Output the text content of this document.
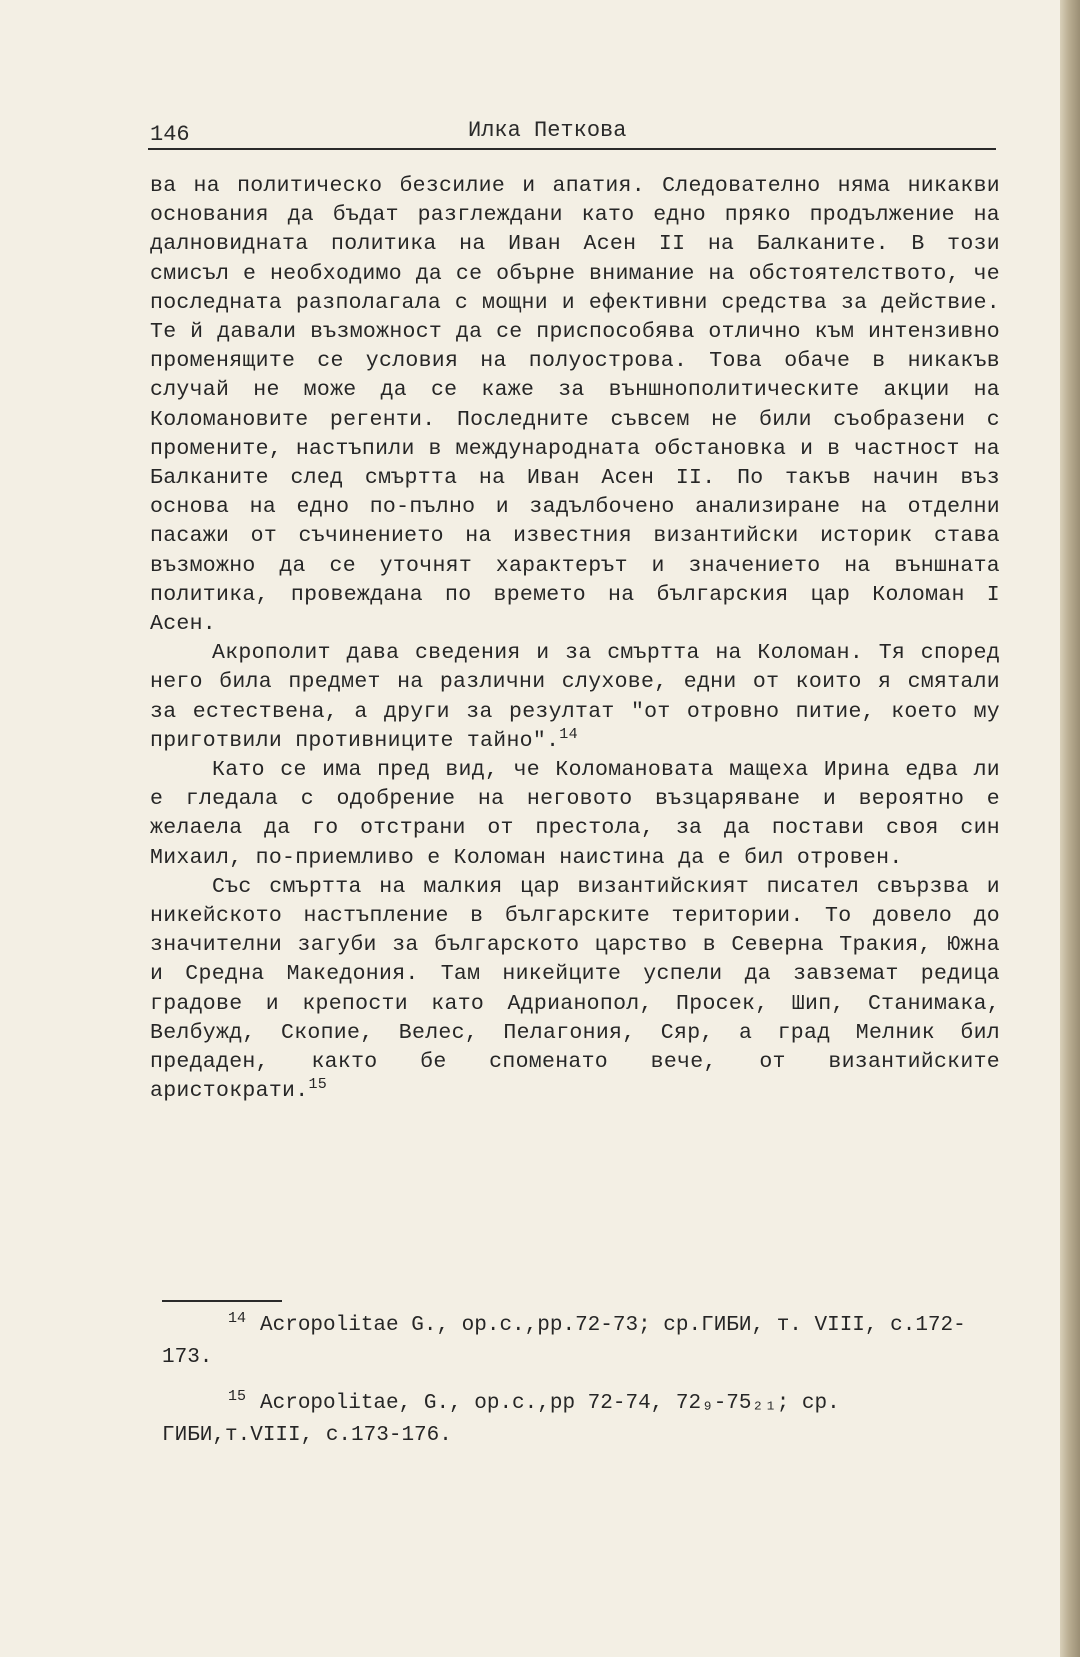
146	Илка Петкова

ва на политическо безсилие и апатия. Следователно няма никакви основания да бъдат разглеждани като едно пряко продължение на далновидната политика на Иван Асен II на Балканите. В този смисъл е необходимо да се обърне внимание на обстоятелството, че последната разполагала с мощни и ефективни средства за действие. Те й давали възможност да се приспособява отлично към интензивно променящите се условия на полуострова. Това обаче в никакъв случай не може да се каже за външнополитическите акции на Коломановите регенти. Последните съвсем не били съобразени с промените, настъпили в международната обстановка и в частност на Балканите след смъртта на Иван Асен II. По такъв начин въз основа на едно по-пълно и задълбочено анализиране на отделни пасажи от съчинението на известния византийски историк става възможно да се уточнят характерът и значението на външната политика, провеждана по времето на българския цар Коломан I Асен.

Акрополит дава сведения и за смъртта на Коломан. Тя според него била предмет на различни слухове, едни от които я смятали за естествена, а други за резултат "от отровно питие, което му приготвили противниците тайно".$^{14}$

Като се има пред вид, че Коломановата мащеха Ирина едва ли е гледала с одобрение на неговото възцаряване и вероятно е желаела да го отстрани от престола, за да постави своя син Михаил, по-приемливо е Коломан наистина да е бил отровен.

Със смъртта на малкия цар византийският писател свързва и никейското настъпление в българските територии. То довело до значителни загуби за българското царство в Северна Тракия, Южна и Средна Македония. Там никейците успели да завземат редица градове и крепости като Адрианопол, Просек, Шип, Станимака, Велбужд, Скопие, Велес, Пелагония, Сяр, а град Мелник бил предаден, както бе споменато вече, от византийските аристократи.$^{15}$

$^{14}$ Acropolitae G., op.c.,pp.72-73; ср.ГИБИ, т. VIII, с.172-173.

$^{15}$ Acropolitae, G., op.c.,pp 72-74, 72₉-75₂₁; ср. ГИБИ,т.VIII, с.173-176.
